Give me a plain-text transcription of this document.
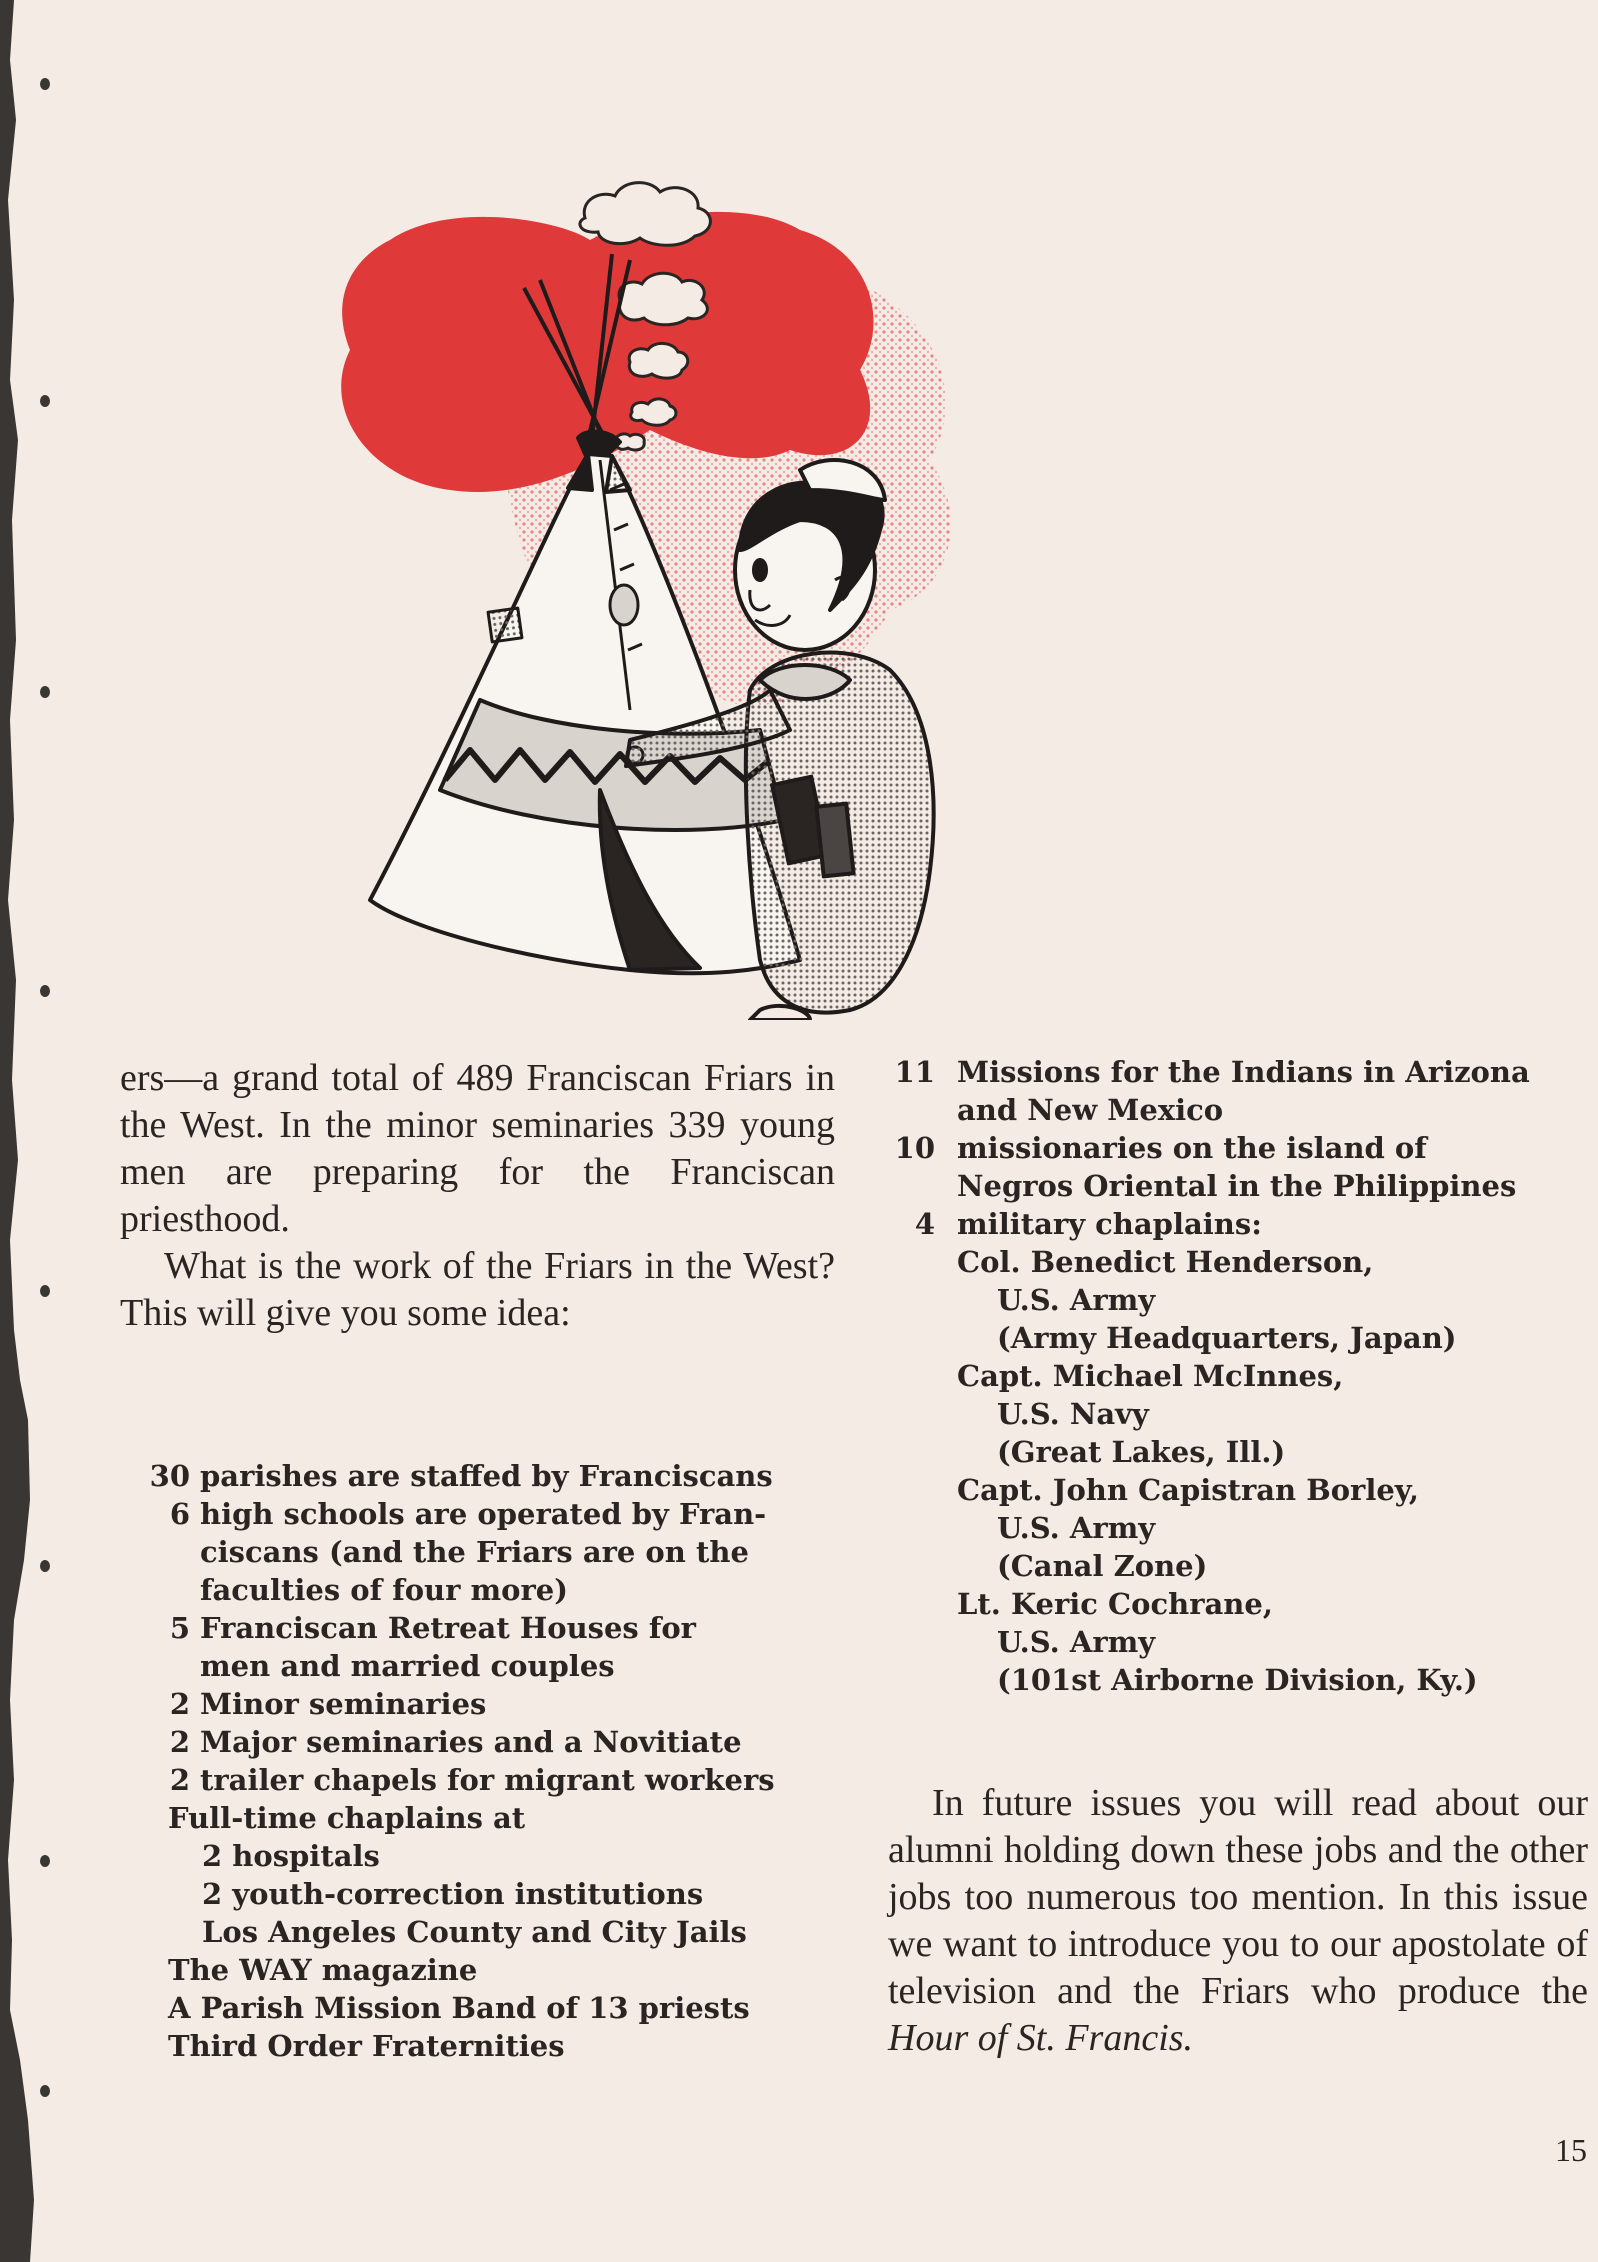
ers—a grand total of 489 Franciscan Friars in the West. In the minor seminaries 339 young men are preparing for the Franciscan priesthood.

What is the work of the Friars in the West? This will give you some idea:

30 parishes are staffed by Franciscans
6 high schools are operated by Fran-
ciscans (and the Friars are on the
faculties of four more)
5 Franciscan Retreat Houses for
men and married couples
2 Minor seminaries
2 Major seminaries and a Novitiate
2 trailer chapels for migrant workers
Full-time chaplains at
2 hospitals
2 youth-correction institutions
Los Angeles County and City Jails
The WAY magazine
A Parish Mission Band of 13 priests
Third Order Fraternities
11 Missions for the Indians in Arizona
and New Mexico
10 missionaries on the island of
Negros Oriental in the Philippines
4 military chaplains:
Col. Benedict Henderson,
U.S. Army
(Army Headquarters, Japan)
Capt. Michael McInnes,
U.S. Navy
(Great Lakes, Ill.)
Capt. John Capistran Borley,
U.S. Army
(Canal Zone)
Lt. Keric Cochrane,
U.S. Army
(101st Airborne Division, Ky.)

In future issues you will read about our alumni holding down these jobs and the other jobs too numerous too mention. In this issue we want to introduce you to our apostolate of television and the Friars who produce the Hour of St. Francis.

15
